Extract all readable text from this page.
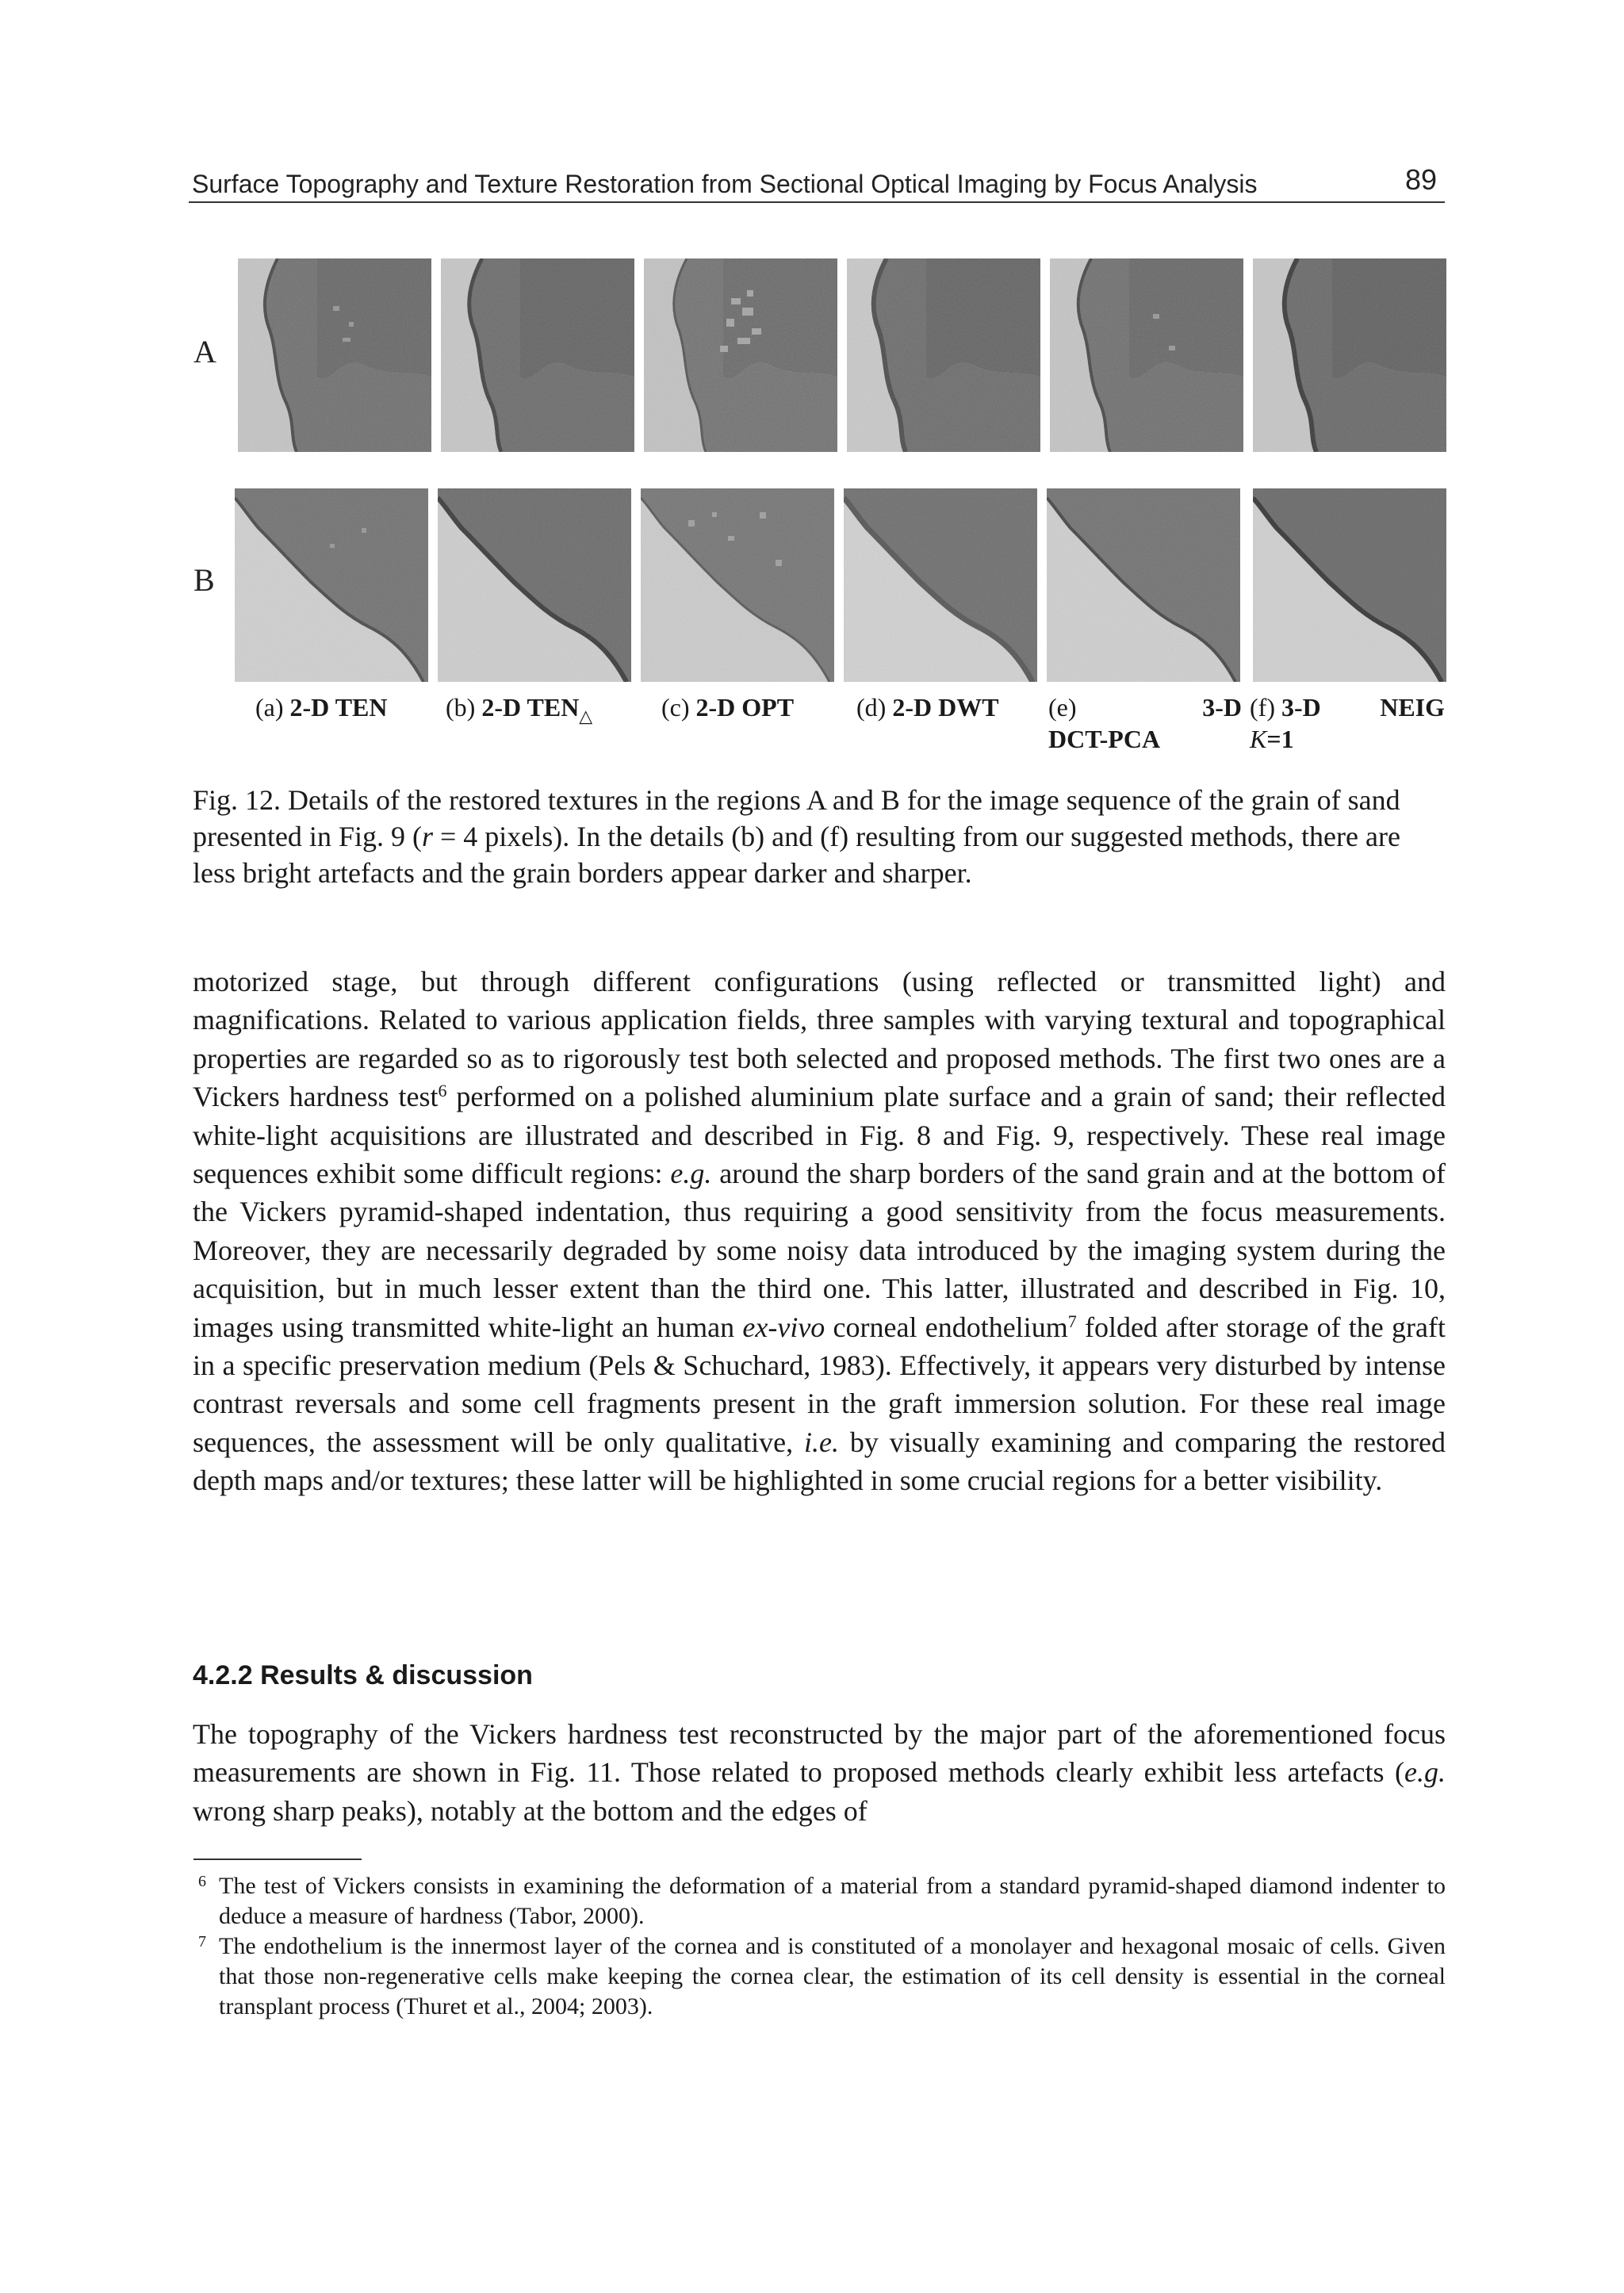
Surface Topography and Texture Restoration from Sectional Optical Imaging by Focus Analysis	89
A
B
(a) 2-D TEN (b) 2-D $TEN_\triangle$	(c) 2-D OPT (d) 2-D DWT (e)	3-D
DCT-PCA
(f) 3-D NEIG
K=1
Fig. 12. Details of the restored textures in the regions A and B for the image sequence of the grain of sand presented in Fig. 9 (r = 4 pixels). In the details (b) and (f) resulting from our suggested methods, there are less bright artefacts and the grain borders appear darker and sharper.
motorized stage, but through different configurations (using reflected or transmitted light) and magnifications. Related to various application fields, three samples with varying textural and topographical properties are regarded so as to rigorously test both selected and proposed methods. The first two ones are a Vickers hardness test$^6$ performed on a polished aluminium plate surface and a grain of sand; their reflected white-light acquisitions are illustrated and described in Fig. 8 and Fig. 9, respectively. These real image sequences exhibit some difficult regions: e.g. around the sharp borders of the sand grain and at the bottom of the Vickers pyramid-shaped indentation, thus requiring a good sensitivity from the focus measurements. Moreover, they are necessarily degraded by some noisy data introduced by the imaging system during the acquisition, but in much lesser extent than the third one. This latter, illustrated and described in Fig. 10, images using transmitted white-light an human ex-vivo corneal endothelium$^7$ folded after storage of the graft in a specific preservation medium (Pels & Schuchard, 1983). Effectively, it appears very disturbed by intense contrast reversals and some cell fragments present in the graft immersion solution. For these real image sequences, the assessment will be only qualitative, i.e. by visually examining and comparing the restored depth maps and/or textures; these latter will be highlighted in some crucial regions for a better visibility.
4.2.2 Results & discussion
The topography of the Vickers hardness test reconstructed by the major part of the aforementioned focus measurements are shown in Fig. 11. Those related to proposed methods clearly exhibit less artefacts (e.g. wrong sharp peaks), notably at the bottom and the edges of
6 The test of Vickers consists in examining the deformation of a material from a standard pyramid-shaped diamond indenter to deduce a measure of hardness (Tabor, 2000).
7 The endothelium is the innermost layer of the cornea and is constituted of a monolayer and hexagonal mosaic of cells. Given that those non-regenerative cells make keeping the cornea clear, the estimation of its cell density is essential in the corneal transplant process (Thuret et al., 2004; 2003).
